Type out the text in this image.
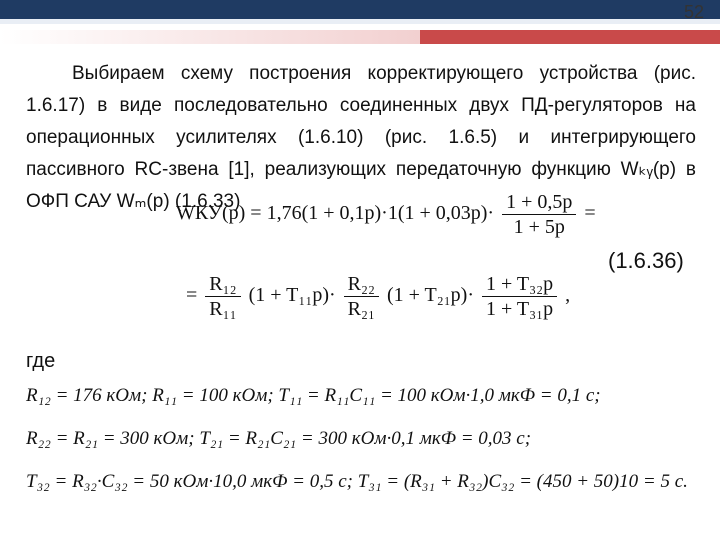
52

Выбираем схему построения корректирующего устройства (рис. 1.6.17) в виде последовательно соединенных двух ПД-регуляторов на операционных усилителях (1.6.10) (рис. 1.6.5) и интегрирующего пассивного RC-звена [1], реализующих передаточную функцию Wₖᵧ(p) в ОФП САУ Wₘ(p) (1.6.33)

$WКУ(p) = 1,76(1 + 0,1p)\cdot 1(1 + 0,03p)\cdot \frac{1 + 0,5p}{1 + 5p}$ =
(1.6.36)
= $\frac{\text{R₁₂}}{\text{R₁₁}} (1 + T_{11}p)\cdot \frac{\text{R₂₂}}{\text{R₂₁}} (1 + T_{21}p)\cdot \frac{\text{1 + T₃₂p}}{\text{1 + T₃₁p}}$ ,
где
R₁₂ = 176 кОм; R₁₁ = 100 кОм; T₁₁ = R₁₁C₁₁ = 100 кОм·1,0 мкФ = 0,1 c;
R₂₂ = R₂₁ = 300 кОм; T₂₁ = R₂₁C₂₁ = 300 кОм·0,1 мкФ = 0,03 c;
T₃₂ = R₃₂·C₃₂ = 50 кОм·10,0 мкФ = 0,5 c; T₃₁ = (R₃₁ + R₃₂)C₃₂ = (450 + 50)10 = 5 c.
